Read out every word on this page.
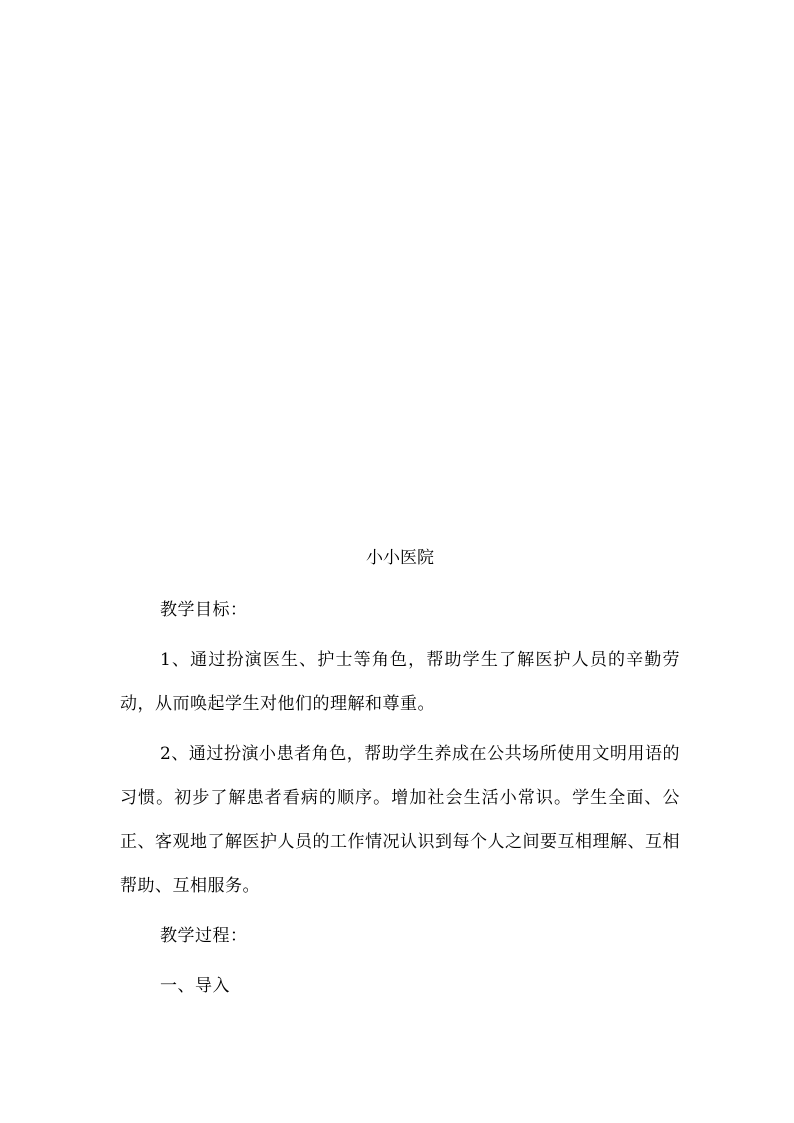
小小医院

教学目标：

1、通过扮演医生、护士等角色，帮助学生了解医护人员的辛勤劳动，从而唤起学生对他们的理解和尊重。

2、通过扮演小患者角色，帮助学生养成在公共场所使用文明用语的习惯。初步了解患者看病的顺序。增加社会生活小常识。学生全面、公正、客观地了解医护人员的工作情况认识到每个人之间要互相理解、互相帮助、互相服务。

教学过程：

一、导入
